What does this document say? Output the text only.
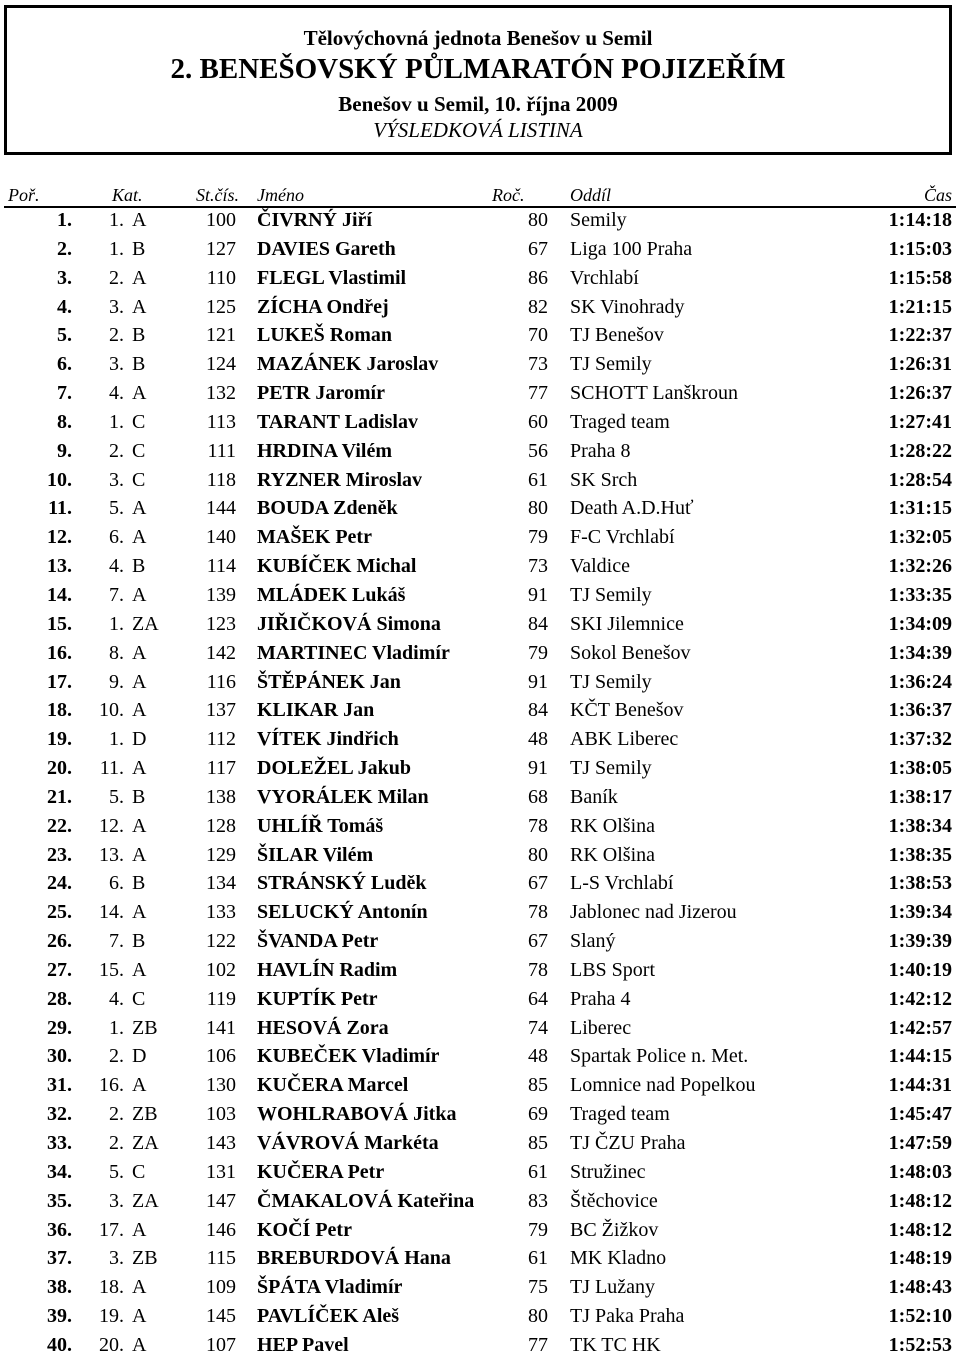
Tělovýchovná jednota Benešov u Semil
2. BENEŠOVSKÝ PŮLMARATÓN POJIZEŘÍM
Benešov u Semil, 10. října 2009
VÝSLEDKOVÁ LISTINA
Poř.	Kat.	St.čís.	Jméno	Roč.	Oddíl	Čas
1.	1. A	100 ČIVRNÝ Jiří	80 Semily	1:14:18
2.	1. B	127 DAVIES Gareth	67 Liga 100 Praha	1:15:03
3.	2. A	110 FLEGL Vlastimil	86 Vrchlabí	1:15:58
4.	3. A	125 ZÍCHA Ondřej	82 SK Vinohrady	1:21:15
5.	2. B	121 LUKEŠ Roman	70 TJ Benešov	1:22:37
6.	3. B	124 MAZÁNEK Jaroslav	73 TJ Semily	1:26:31
7.	4. A	132 PETR Jaromír	77 SCHOTT Lanškroun	1:26:37
8.	1. C	113 TARANT Ladislav	60 Traged team	1:27:41
9.	2. C	111 HRDINA Vilém	56 Praha 8	1:28:22
10.	3. C	118 RYZNER Miroslav	61 SK Srch	1:28:54
11.	5. A	144 BOUDA Zdeněk	80 Death A.D.Huť	1:31:15
12.	6. A	140 MAŠEK Petr	79 F-C Vrchlabí	1:32:05
13.	4. B	114 KUBÍČEK Michal	73 Valdice	1:32:26
14.	7. A	139 MLÁDEK Lukáš	91 TJ Semily	1:33:35
15.	1. ZA	123 JIŘIČKOVÁ Simona	84 SKI Jilemnice	1:34:09
16.	8. A	142 MARTINEC Vladimír	79 Sokol Benešov	1:34:39
17.	9. A	116 ŠTĚPÁNEK Jan	91 TJ Semily	1:36:24
18.	10. A	137 KLIKAR Jan	84 KČT Benešov	1:36:37
19.	1. D	112 VÍTEK Jindřich	48 ABK Liberec	1:37:32
20.	11. A	117 DOLEŽEL Jakub	91 TJ Semily	1:38:05
21.	5. B	138 VYORÁLEK Milan	68 Baník	1:38:17
22.	12. A	128 UHLÍŘ Tomáš	78 RK Olšina	1:38:34
23.	13. A	129 ŠILAR Vilém	80 RK Olšina	1:38:35
24.	6. B	134 STRÁNSKÝ Luděk	67 L-S Vrchlabí	1:38:53
25.	14. A	133 SELUCKÝ Antonín	78 Jablonec nad Jizerou	1:39:34
26.	7. B	122 ŠVANDA Petr	67 Slaný	1:39:39
27.	15. A	102 HAVLÍN Radim	78 LBS Sport	1:40:19
28.	4. C	119 KUPTÍK Petr	64 Praha 4	1:42:12
29.	1. ZB	141 HESOVÁ Zora	74 Liberec	1:42:57
30.	2. D	106 KUBEČEK Vladimír	48 Spartak Police n. Met.	1:44:15
31.	16. A	130 KUČERA Marcel	85 Lomnice nad Popelkou	1:44:31
32.	2. ZB	103 WOHLRABOVÁ Jitka	69 Traged team	1:45:47
33.	2. ZA	143 VÁVROVÁ Markéta	85 TJ ČZU Praha	1:47:59
34.	5. C	131 KUČERA Petr	61 Stružinec	1:48:03
35.	3. ZA	147 ČMAKALOVÁ Kateřina	83 Štěchovice	1:48:12
36.	17. A	146 KOČÍ Petr	79 BC Žižkov	1:48:12
37.	3. ZB	115 BREBURDOVÁ Hana	61 MK Kladno	1:48:19
38.	18. A	109 ŠPÁTA Vladimír	75 TJ Lužany	1:48:43
39.	19. A	145 PAVLÍČEK Aleš	80 TJ Paka Praha	1:52:10
40.	20. A	107 HEP Pavel	77 TK TC HK	1:52:53
